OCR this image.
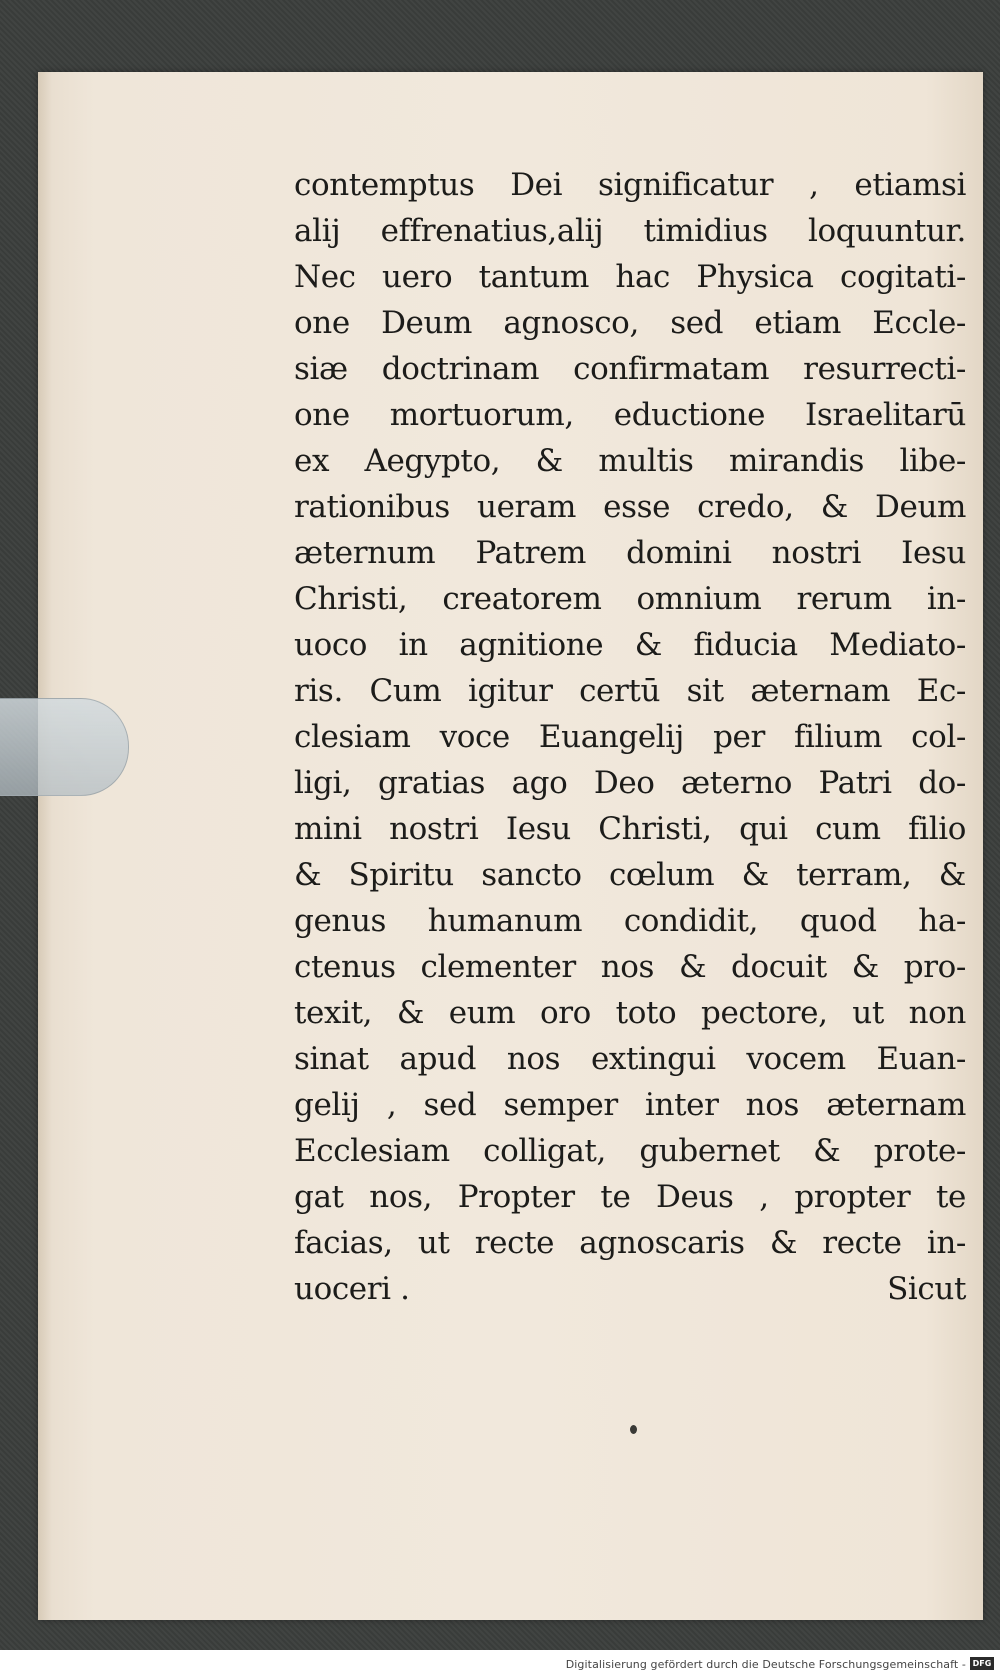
contemptus Dei significatur , etiamsi
alij effrenatius,alij timidius loquuntur.
Nec uero tantum hac Physica cogitati-
one Deum agnosco, sed etiam Eccle-
siæ doctrinam confirmatam resurrecti-
one mortuorum, eductione Israelitarū
ex Aegypto, & multis mirandis libe-
rationibus ueram esse credo, & Deum
æternum Patrem domini nostri Iesu
Christi, creatorem omnium rerum in-
uoco in agnitione & fiducia Mediato-
ris. Cum igitur certū sit æternam Ec-
clesiam voce Euangelij per filium col-
ligi, gratias ago Deo æterno Patri do-
mini nostri Iesu Christi, qui cum filio
& Spiritu sancto cœlum & terram, &
genus humanum condidit, quod ha-
ctenus clementer nos & docuit & pro-
texit, & eum oro toto pectore, ut non
sinat apud nos extingui vocem Euan-
gelij , sed semper inter nos æternam
Ecclesiam colligat, gubernet & prote-
gat nos, Propter te Deus , propter te
facias, ut recte agnoscaris & recte in-
uoceri .	Sicut
Digitalisierung gefördert durch die Deutsche Forschungsgemeinschaft - DFG
